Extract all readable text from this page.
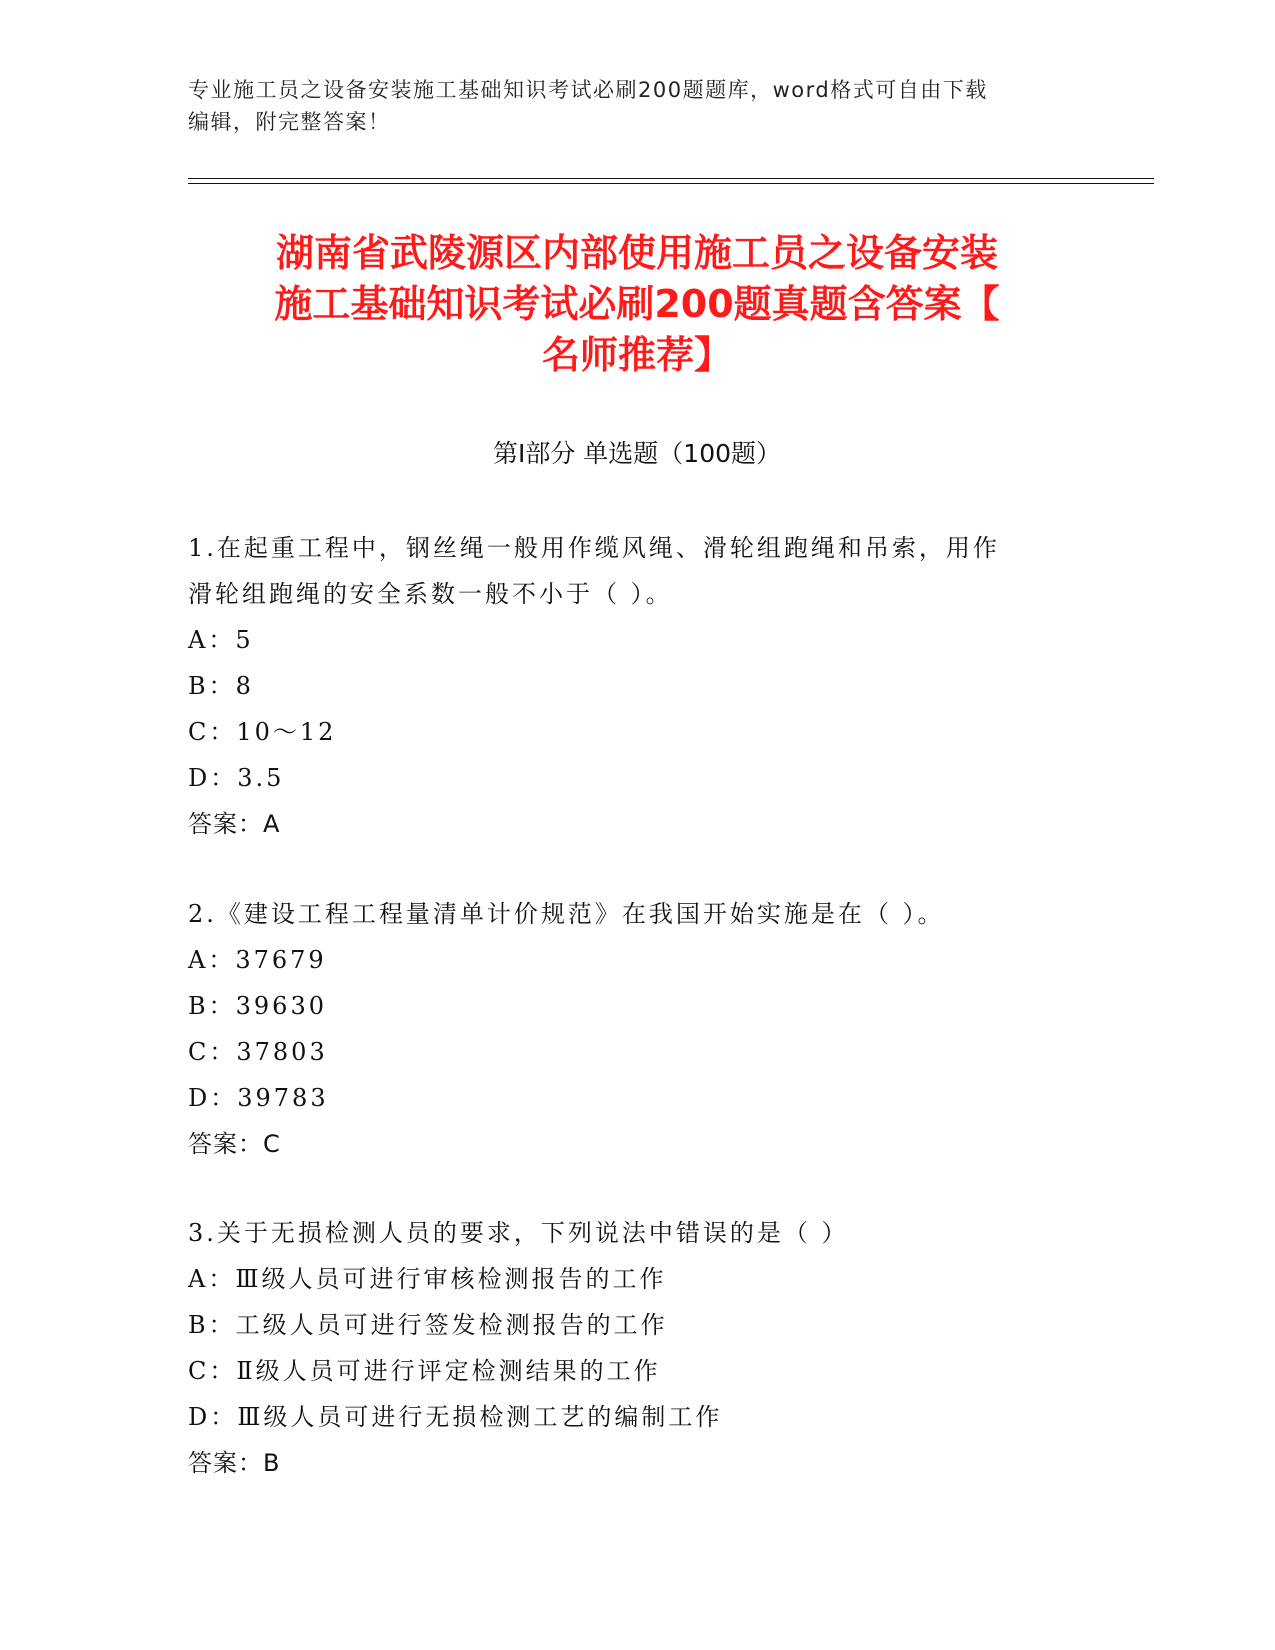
专业施工员之设备安装施工基础知识考试必刷200题题库，word格式可自由下载
编辑，附完整答案！
湖南省武陵源区内部使用施工员之设备安装
施工基础知识考试必刷200题真题含答案【
名师推荐】
第I部分 单选题（100题）
1.在起重工程中，钢丝绳一般用作缆风绳、滑轮组跑绳和吊索，用作
滑轮组跑绳的安全系数一般不小于（ ）。
A：5
B：8
C：10～12
D：3.5
答案：A
2.《建设工程工程量清单计价规范》在我国开始实施是在（ ）。
A：37679
B：39630
C：37803
D：39783
答案：C
3.关于无损检测人员的要求，下列说法中错误的是（ ）
A：Ⅲ级人员可进行审核检测报告的工作
B：工级人员可进行签发检测报告的工作
C：Ⅱ级人员可进行评定检测结果的工作
D：Ⅲ级人员可进行无损检测工艺的编制工作
答案：B
